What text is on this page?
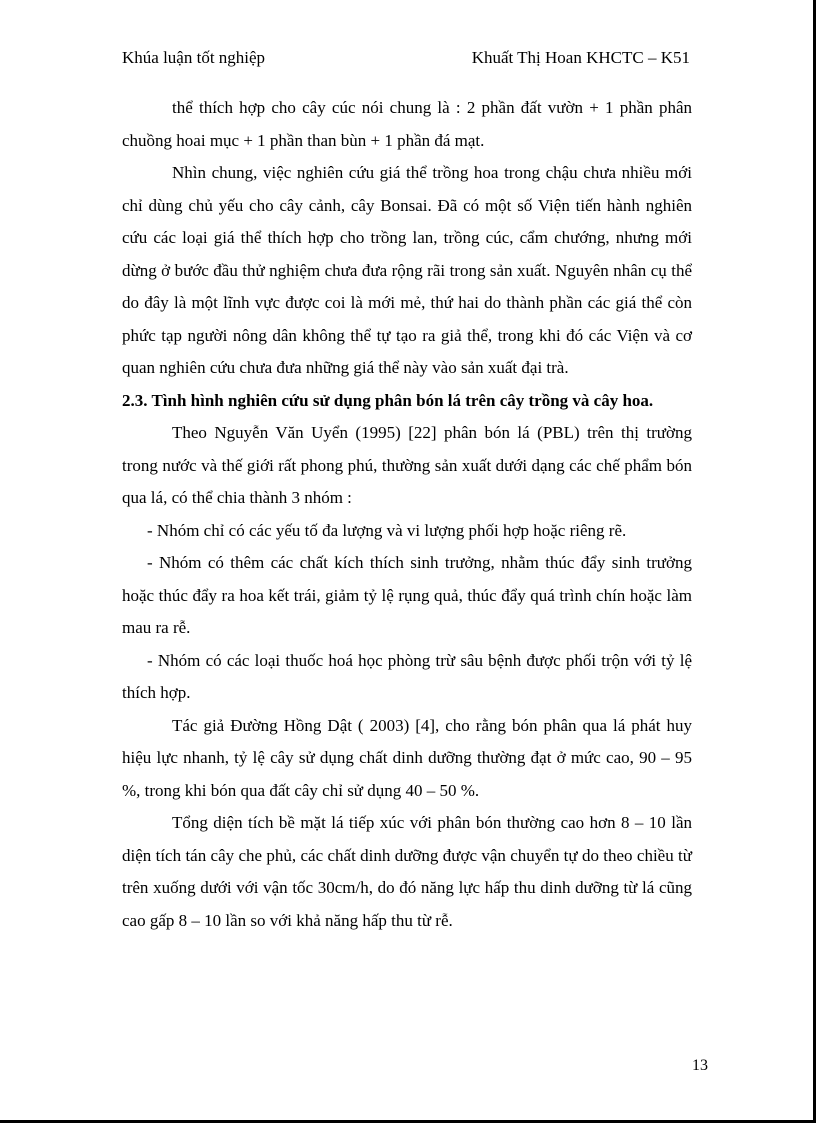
Khúa luận tốt nghiệp	Khuất Thị Hoan KHCTC – K51

thể thích hợp cho cây cúc nói chung là : 2 phần đất vườn + 1 phần phân chuồng hoai mục + 1 phần than bùn + 1 phần đá mạt.

Nhìn chung, việc nghiên cứu giá thể trồng hoa trong chậu chưa nhiều mới chỉ dùng chủ yếu cho cây cảnh, cây Bonsai. Đã có một số Viện tiến hành nghiên cứu các loại giá thể thích hợp cho trồng lan, trồng cúc, cẩm chướng, nhưng mới dừng ở bước đầu thử nghiệm chưa đưa rộng rãi trong sản xuất. Nguyên nhân cụ thể do đây là một lĩnh vực được coi là mới mẻ, thứ hai do thành phần các giá thể còn phức tạp người nông dân không thể tự tạo ra giả thể, trong khi đó các Viện và cơ quan nghiên cứu chưa đưa những giá thể này vào sản xuất đại trà.

2.3. Tình hình nghiên cứu sử dụng phân bón lá trên cây trồng và cây hoa.

Theo Nguyễn Văn Uyển (1995) [22] phân bón lá (PBL) trên thị trường trong nước và thế giới rất phong phú, thường sản xuất dưới dạng các chế phẩm bón qua lá, có thể chia thành 3 nhóm :

- Nhóm chỉ có các yếu tố đa lượng và vi lượng phối hợp hoặc riêng rẽ.

- Nhóm có thêm các chất kích thích sinh trưởng, nhằm thúc đẩy sinh trưởng hoặc thúc đẩy ra hoa kết trái, giảm tỷ lệ rụng quả, thúc đẩy quá trình chín hoặc làm mau ra rễ.

- Nhóm có các loại thuốc hoá học phòng trừ sâu bệnh được phối trộn với tỷ lệ thích hợp.

Tác giả Đường Hồng Dật ( 2003) [4], cho rằng bón phân qua lá phát huy hiệu lực nhanh, tỷ lệ cây sử dụng chất dinh dưỡng thường đạt ở mức cao, 90 – 95 %, trong khi bón qua đất cây chỉ sử dụng 40 – 50 %.

Tổng diện tích bề mặt lá tiếp xúc với phân bón thường cao hơn 8 – 10 lần diện tích tán cây che phủ, các chất dinh dưỡng được vận chuyển tự do theo chiều từ trên xuống dưới với vận tốc 30cm/h, do đó năng lực hấp thu dinh dưỡng từ lá cũng cao gấp 8 – 10 lần so với khả năng hấp thu từ rễ.

13
